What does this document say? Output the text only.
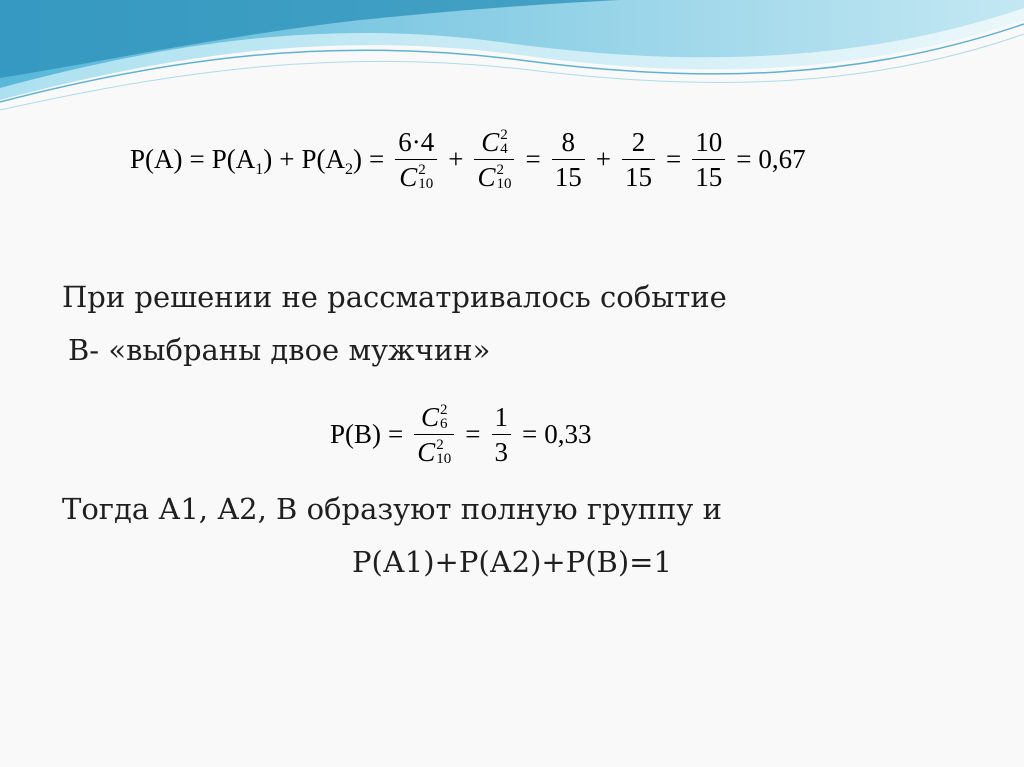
$P(A) = P(A_1) + P(A_2) = 6\cdot 4$
C 2
10 + C 2
4
C 2
$10 = \frac{8}{15} + \frac{2}{15} = \frac{10}{15} = 0,67$
При решении не рассматривалось событие
В- «выбраны двое мужчин»
P(B) = C 2
6
C 2
$10 = \frac{1}{3} = 0,33$
Тогда А1, А2, В образуют полную группу и
Р(А1)+Р(А2)+Р(В)=1
